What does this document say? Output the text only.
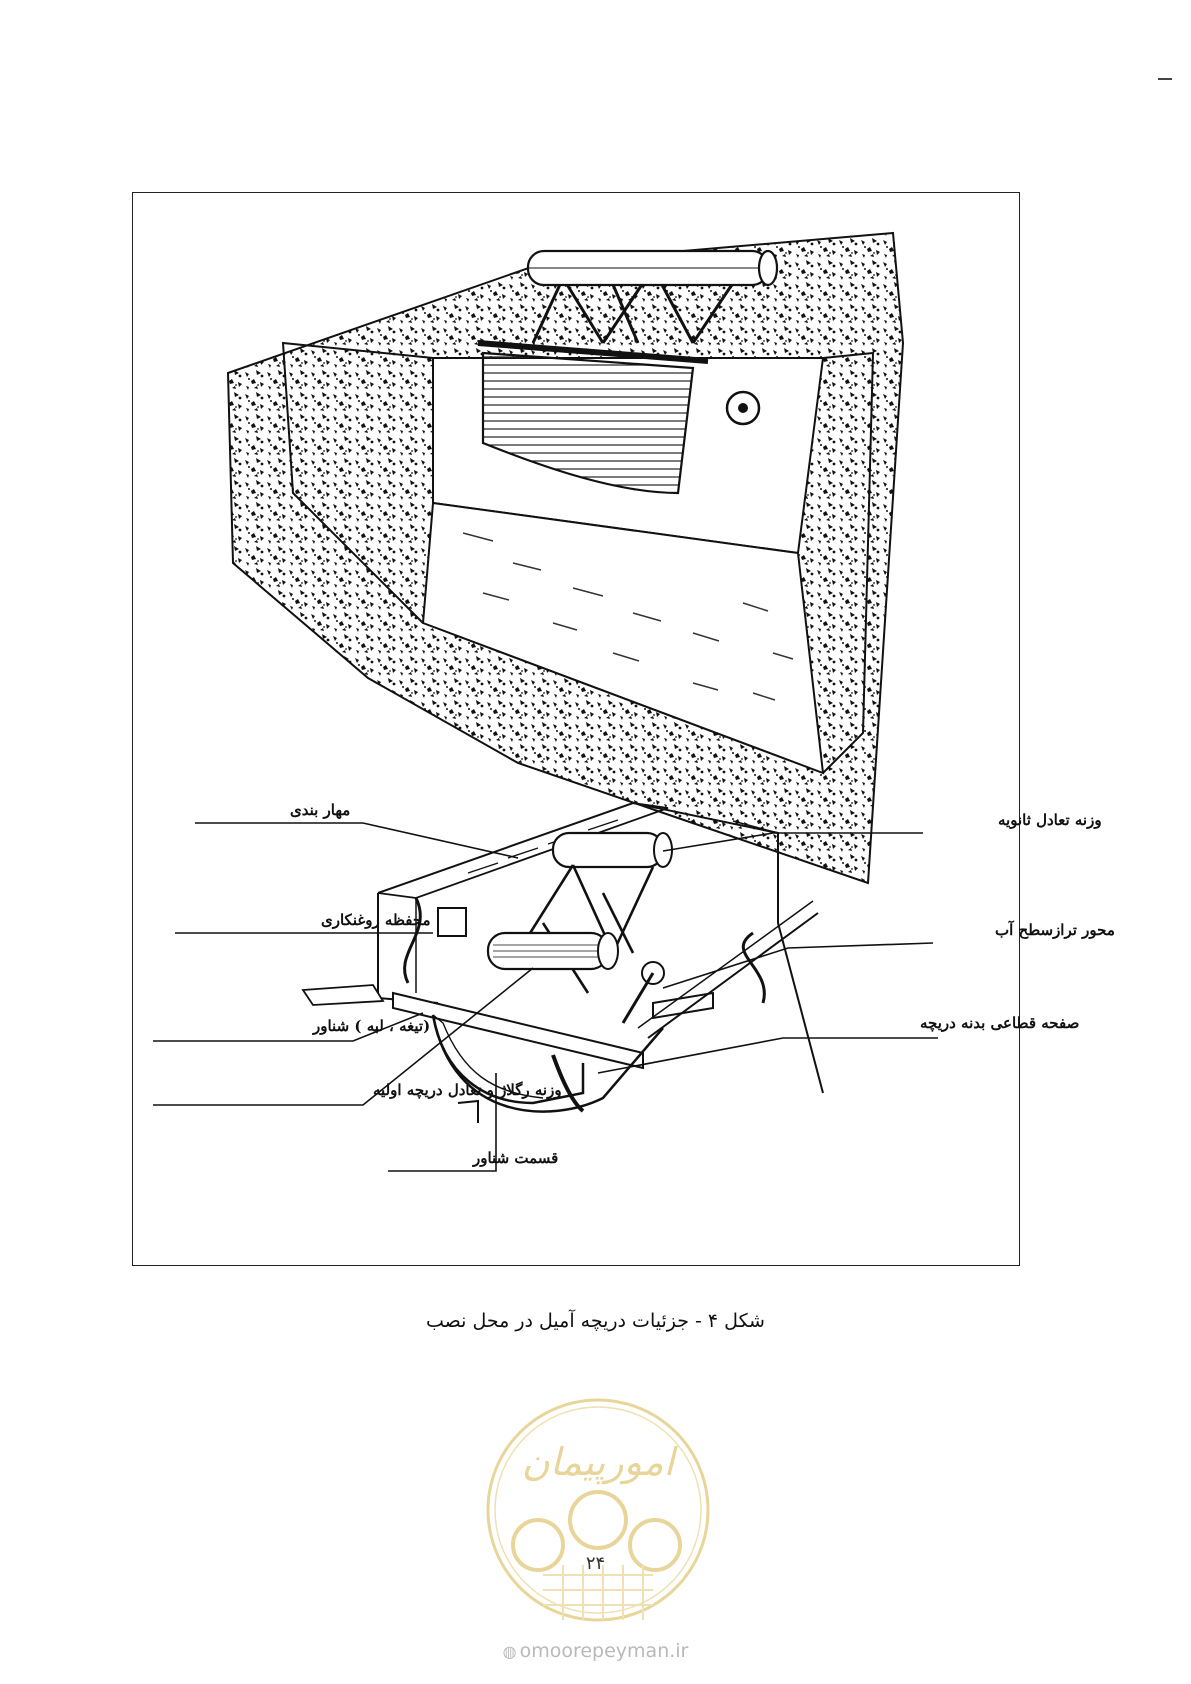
مهار بندی
وزنه تعادل ثانویه
محفظه روغنکاری
محور ترازسطح آب
(تیغه ، لبه ) شناور	صفحه قطاعی بدنه دریچه
وزنه رگلاژ و تعادل دریچه اولیه
قسمت شناور
شکل ۴ - جزئیات دریچه آمیل در محل نصب
امورپیمان
۲۴
◍ omoorepeyman.ir
